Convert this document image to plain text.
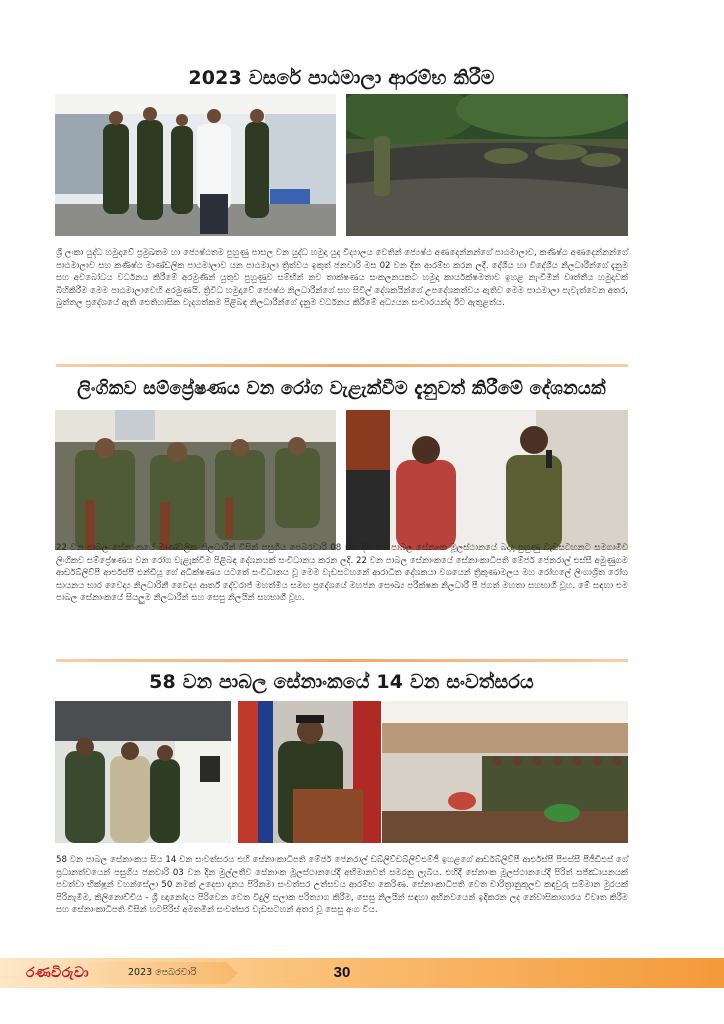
2023 වසරේ පාඨමාලා ආරම්භ කිරීම
ශ්‍රී ලංකා යුද්ධ හමුදාවේ ප්‍රමුඛතම හා ජ්‍යෙෂ්ඨතම පුහුණු පාසල වන යුද්ධ හමුදා යුද විද්‍යාලය වෙතින් ජ්‍යෙෂ්ඨ අණදෙන්නන්ගේ පාඨමාලාව, කණිෂ්ඨ අණදෙන්නන්ගේ පාඨමාලාව සහ කණිෂ්ඨ මාණ්ඩලික පාඨමාලාව යන පාඨමාලා ත්‍රිත්වය ඉකුත් ජනවාරි මස 02 වන දින ආරම්භ කරන ලදී. දේශීය හා විදේශීය නිලධාරීන්ගේ දැනුම සහ අවබෝධය වර්ධනය කිරීමේ අරමුණින් යුතුව පුහුණුව සම්භින් නව තාක්ෂණය සංකලනයකට හමුදා කාර්යක්ෂමතාව ඉහළ නැංවීමින් වෘත්තීය හමුදාවක් බිහිකිරීම මෙම පාඨමාලාවෙහි අරමුණයි. ත්‍රිවිධ හමුදාවේ ජ්‍යෙෂ්ඨ නිලධාරීන්ගේ සහ සිවිල් දේශකයින්ගේ උපදේශකත්වය ඇතිව මෙම පාඨමාලා පැවැත්වෙන අතර, බුත්තල ප්‍රදේශයේ ඇති ඓතිහාසික වැදගත්කම පිළිබඳ නිලධාරීන්ගේ දැනුම වර්ධනය කිරීමේ අධ්‍යයන සංචාරයන්ද ඊට ඇතුළත්ය.
ලිංගිකව සම්ප්‍රේෂණය වන රෝග වැළැක්වීම දැනුවත් කිරීමේ දේශනයක්
22 වන පාබල සේනාංකයේ මාණ්ඩලික නිලධාරීන් විසින් පසුගිය පෙබරවාරි 08 වන දින එම පාබල සේනාංක මූලස්ථානයේ බදාදා පුහුණු වැඩසටහනට සමගාමීව ලිංගිකව සම්ප්‍රේෂණය වන රෝග වැළැක්වීම පිළිබඳ දේශනයක් සංවිධානය කරන ලදී. 22 වන පාබල සේනාංකයේ සේනාංකාධිපති මේජර් ජෙනරාල් එස්සී අමුණුගම ආර්ඩබ්ලිව්පී ආර්එස්පී එන්ඩියූ ගේ අධීක්ෂණය යටතේ සංවිධානය වූ මෙම වැඩසටහනේ ආරාධිත දේශකයා වශයෙන් ත්‍රිකුණාමලය මහ රෝහලේ ලිංගාශ්‍රිත රෝග සායනය භාර වෛද්‍ය නිලධාරිනී වෛද්‍ය ආර්ත් දේවරාජ් මහත්මිය සමඟ ප්‍රදේශයේ මහජන සෞඛ්‍ය පරීක්ෂක නිලධාරී පී ජගත් මහතා සහභාගී වූහ. මේ සඳහා එම පාබල සේනාංකයේ සියලුම නිලධාරීන් සහ සෙසු නිලයින් සහභාගී වූහ.
58 වන පාබල සේනාංකයේ 14 වන සංවත්සරය
58 වන පාබල සේනාංකය සිය 14 වන සංවත්සරය එහි සේනාංකාධිපති මේජර් ජෙනරාල් ඩබ්ලිව්ඩබ්ලිව්එම්ජී ඉහළගේ ආර්ඩබ්ලිව්පී ආර්එස්පී පීඑස්සී පීජීඩීඑස් ගේ ප්‍රධානත්වයෙන් පසුගිය ජනවාරි 03 වන දින මුල්ලතීව සේනාංක මූලස්ථානයේදී අභිමානවත් සමරනු ලැබිය. එහිදී සේනාංක මූලස්ථානයේදී පිරිත් සජ්ඣායනයක් පවත්වා භික්ෂූන් වහන්සේලා 50 නමක් උදෙසා දානය පිරිනමා සංවත්සර උත්සවය ආරම්භ කෙරිණ. සේනාංකාධිපති වෙත චාරිත්‍රානුකූලව කඳවුරු සම්මාන මුරයක් පිරිනැමීම, කිලිනොච්චිය - ශ්‍රී ඥානෝදය පිරිවෙන වෙත විදුලි සලාක පරිත්‍යාග කිරීම, සෙසු නිලයින් සඳහා අභිනවයෙන් ඉදිකරන ලද නේවාසිකාගාරය විවෘත කිරීම සහ සේනාංකාධිපති විසින් හටපිරිස් අමතමින් සංවත්සර වැඩසටහන් අතර වූ සෙසු අංග විය.
රණවිරුවා	2023 පෙබරවාරි	30
